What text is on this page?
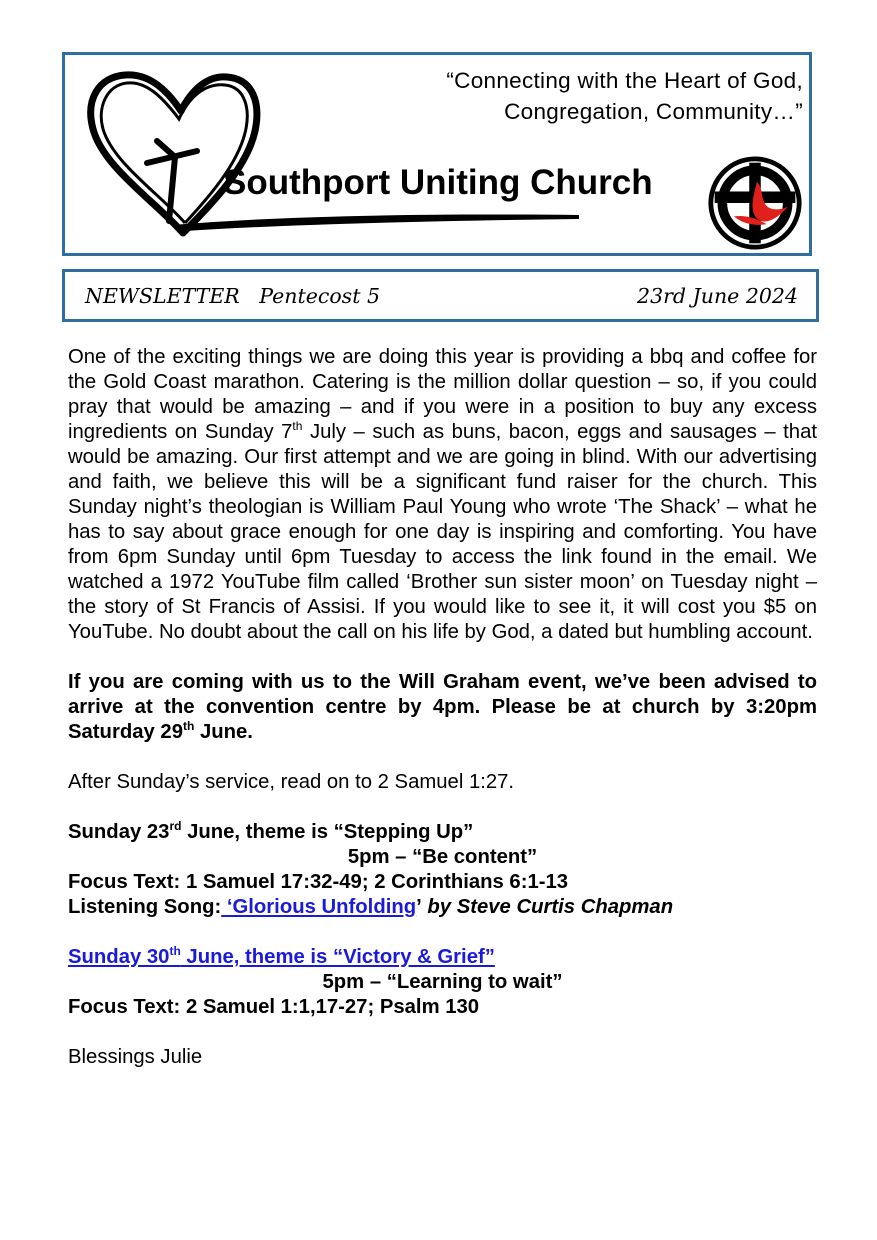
“Connecting with the Heart of God,
Congregation, Community…”
Southport Uniting Church
NEWSLETTER   Pentecost 5	23rd June 2024

One of the exciting things we are doing this year is providing a bbq and coffee for the Gold Coast marathon. Catering is the million dollar question – so, if you could pray that would be amazing – and if you were in a position to buy any excess ingredients on Sunday 7th July – such as buns, bacon, eggs and sausages – that would be amazing. Our first attempt and we are going in blind. With our advertising and faith, we believe this will be a significant fund raiser for the church. This Sunday night’s theologian is William Paul Young who wrote ‘The Shack’ – what he has to say about grace enough for one day is inspiring and comforting. You have from 6pm Sunday until 6pm Tuesday to access the link found in the email. We watched a 1972 YouTube film called ‘Brother sun sister moon’ on Tuesday night – the story of St Francis of Assisi. If you would like to see it, it will cost you $5 on YouTube. No doubt about the call on his life by God, a dated but humbling account.

If you are coming with us to the Will Graham event, we’ve been advised to arrive at the convention centre by 4pm. Please be at church by 3:20pm Saturday 29th June.

After Sunday’s service, read on to 2 Samuel 1:27.

Sunday 23rd June, theme is “Stepping Up”

5pm – “Be content”

Focus Text: 1 Samuel 17:32-49; 2 Corinthians 6:1-13

Listening Song: ‘Glorious Unfolding’ by Steve Curtis Chapman

Sunday 30th June, theme is “Victory & Grief”

5pm – “Learning to wait”

Focus Text: 2 Samuel 1:1,17-27; Psalm 130

Blessings Julie
